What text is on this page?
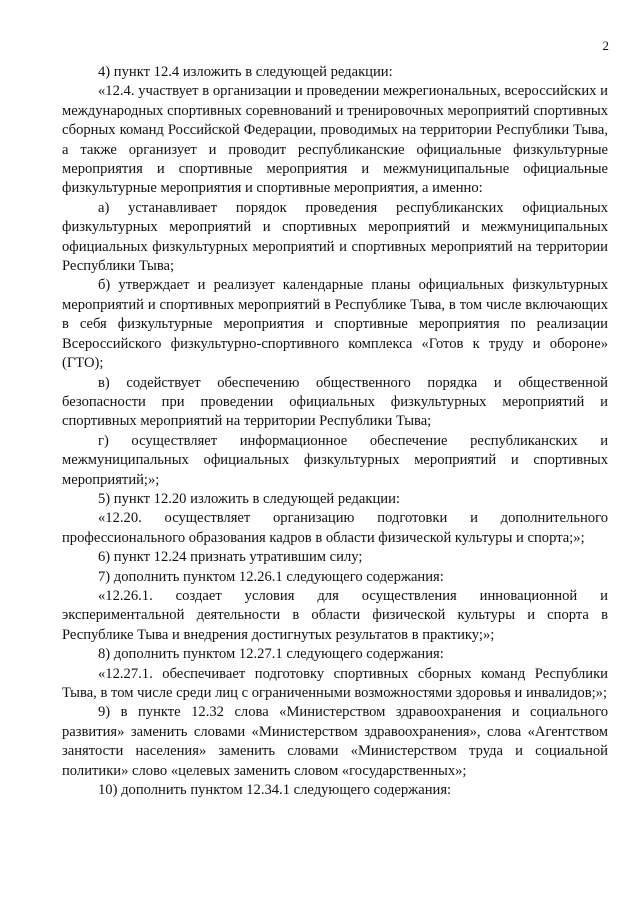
2

4) пункт 12.4 изложить в следующей редакции:

«12.4. участвует в организации и проведении межрегиональных, всероссийских и международных спортивных соревнований и тренировочных мероприятий спортивных сборных команд Российской Федерации, проводимых на территории Республики Тыва, а также организует и проводит республиканские официальные физкультурные мероприятия и спортивные мероприятия и межмуниципальные официальные физкультурные мероприятия и спортивные мероприятия, а именно:

а) устанавливает порядок проведения республиканских официальных физкультурных мероприятий и спортивных мероприятий и межмуниципальных официальных физкультурных мероприятий и спортивных мероприятий на территории Республики Тыва;

б) утверждает и реализует календарные планы официальных физкультурных мероприятий и спортивных мероприятий в Республике Тыва, в том числе включающих в себя физкультурные мероприятия и спортивные мероприятия по реализации Всероссийского физкультурно-спортивного комплекса «Готов к труду и обороне» (ГТО);

в) содействует обеспечению общественного порядка и общественной безопасности при проведении официальных физкультурных мероприятий и спортивных мероприятий на территории Республики Тыва;

г) осуществляет информационное обеспечение республиканских и межмуниципальных официальных физкультурных мероприятий и спортивных мероприятий;»;

5) пункт 12.20 изложить в следующей редакции:

«12.20. осуществляет организацию подготовки и дополнительного профессионального образования кадров в области физической культуры и спорта;»;

6) пункт 12.24 признать утратившим силу;

7) дополнить пунктом 12.26.1 следующего содержания:

«12.26.1. создает условия для осуществления инновационной и экспериментальной деятельности в области физической культуры и спорта в Республике Тыва и внедрения достигнутых результатов в практику;»;

8) дополнить пунктом 12.27.1 следующего содержания:

«12.27.1. обеспечивает подготовку спортивных сборных команд Республики Тыва, в том числе среди лиц с ограниченными возможностями здоровья и инвалидов;»;

9) в пункте 12.32 слова «Министерством здравоохранения и социального развития» заменить словами «Министерством здравоохранения», слова «Агентством занятости населения» заменить словами «Министерством труда и социальной политики» слово «целевых заменить словом «государственных»;

10) дополнить пунктом 12.34.1 следующего содержания:
